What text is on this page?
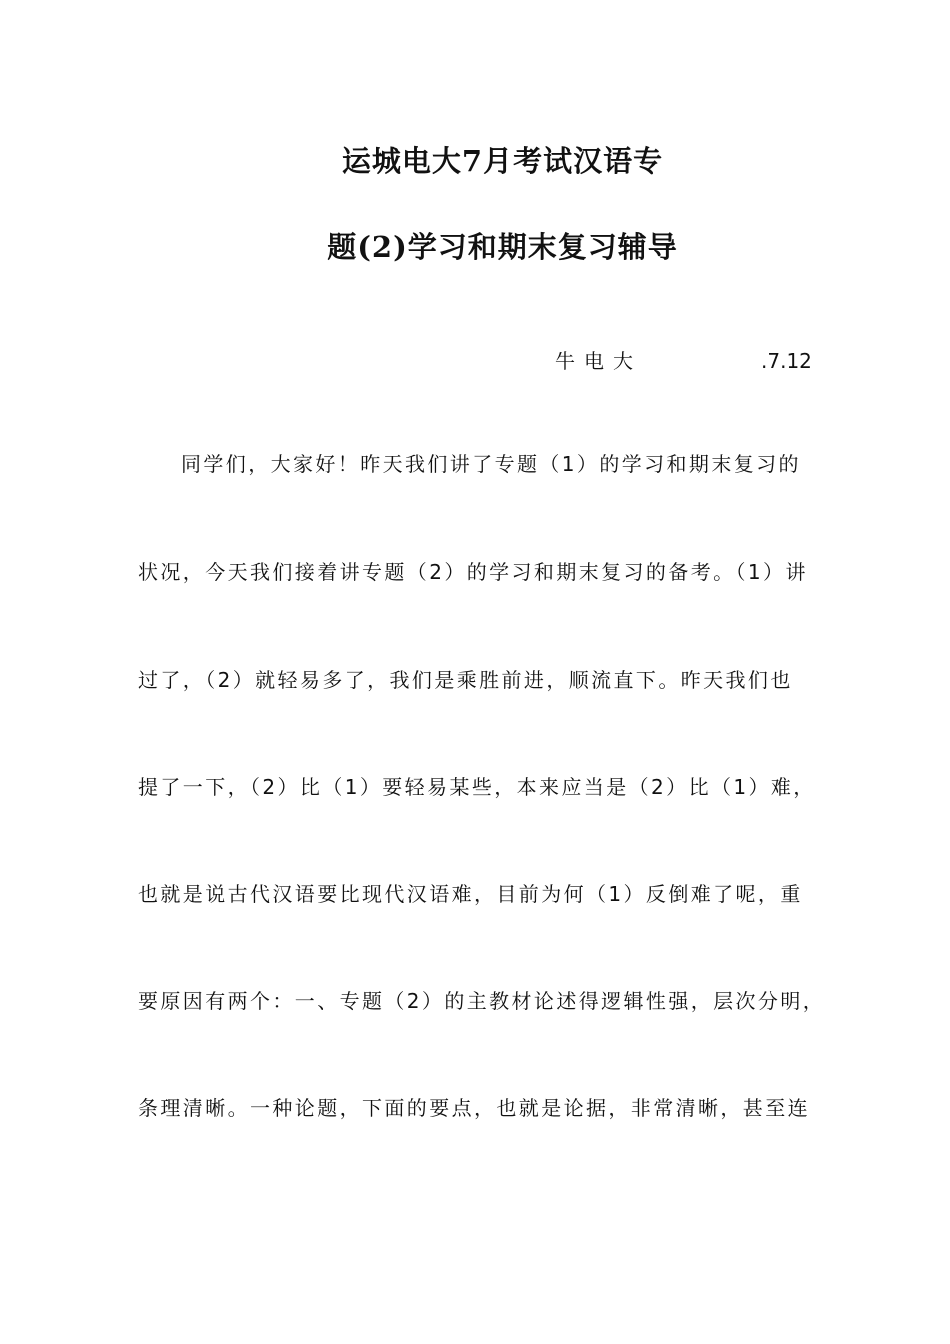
运城电大7月考试汉语专
题(2)学习和期末复习辅导
牛电大	.7.12
同学们，大家好！昨天我们讲了专题（1）的学习和期末复习的
状况，今天我们接着讲专题（2）的学习和期末复习的备考。（1）讲
过了，（2）就轻易多了，我们是乘胜前进，顺流直下。昨天我们也
提了一下，（2）比（1）要轻易某些，本来应当是（2）比（1）难，
也就是说古代汉语要比现代汉语难，目前为何（1）反倒难了呢，重
要原因有两个：一、专题（2）的主教材论述得逻辑性强，层次分明，
条理清晰。一种论题，下面的要点，也就是论据，非常清晰，甚至连
